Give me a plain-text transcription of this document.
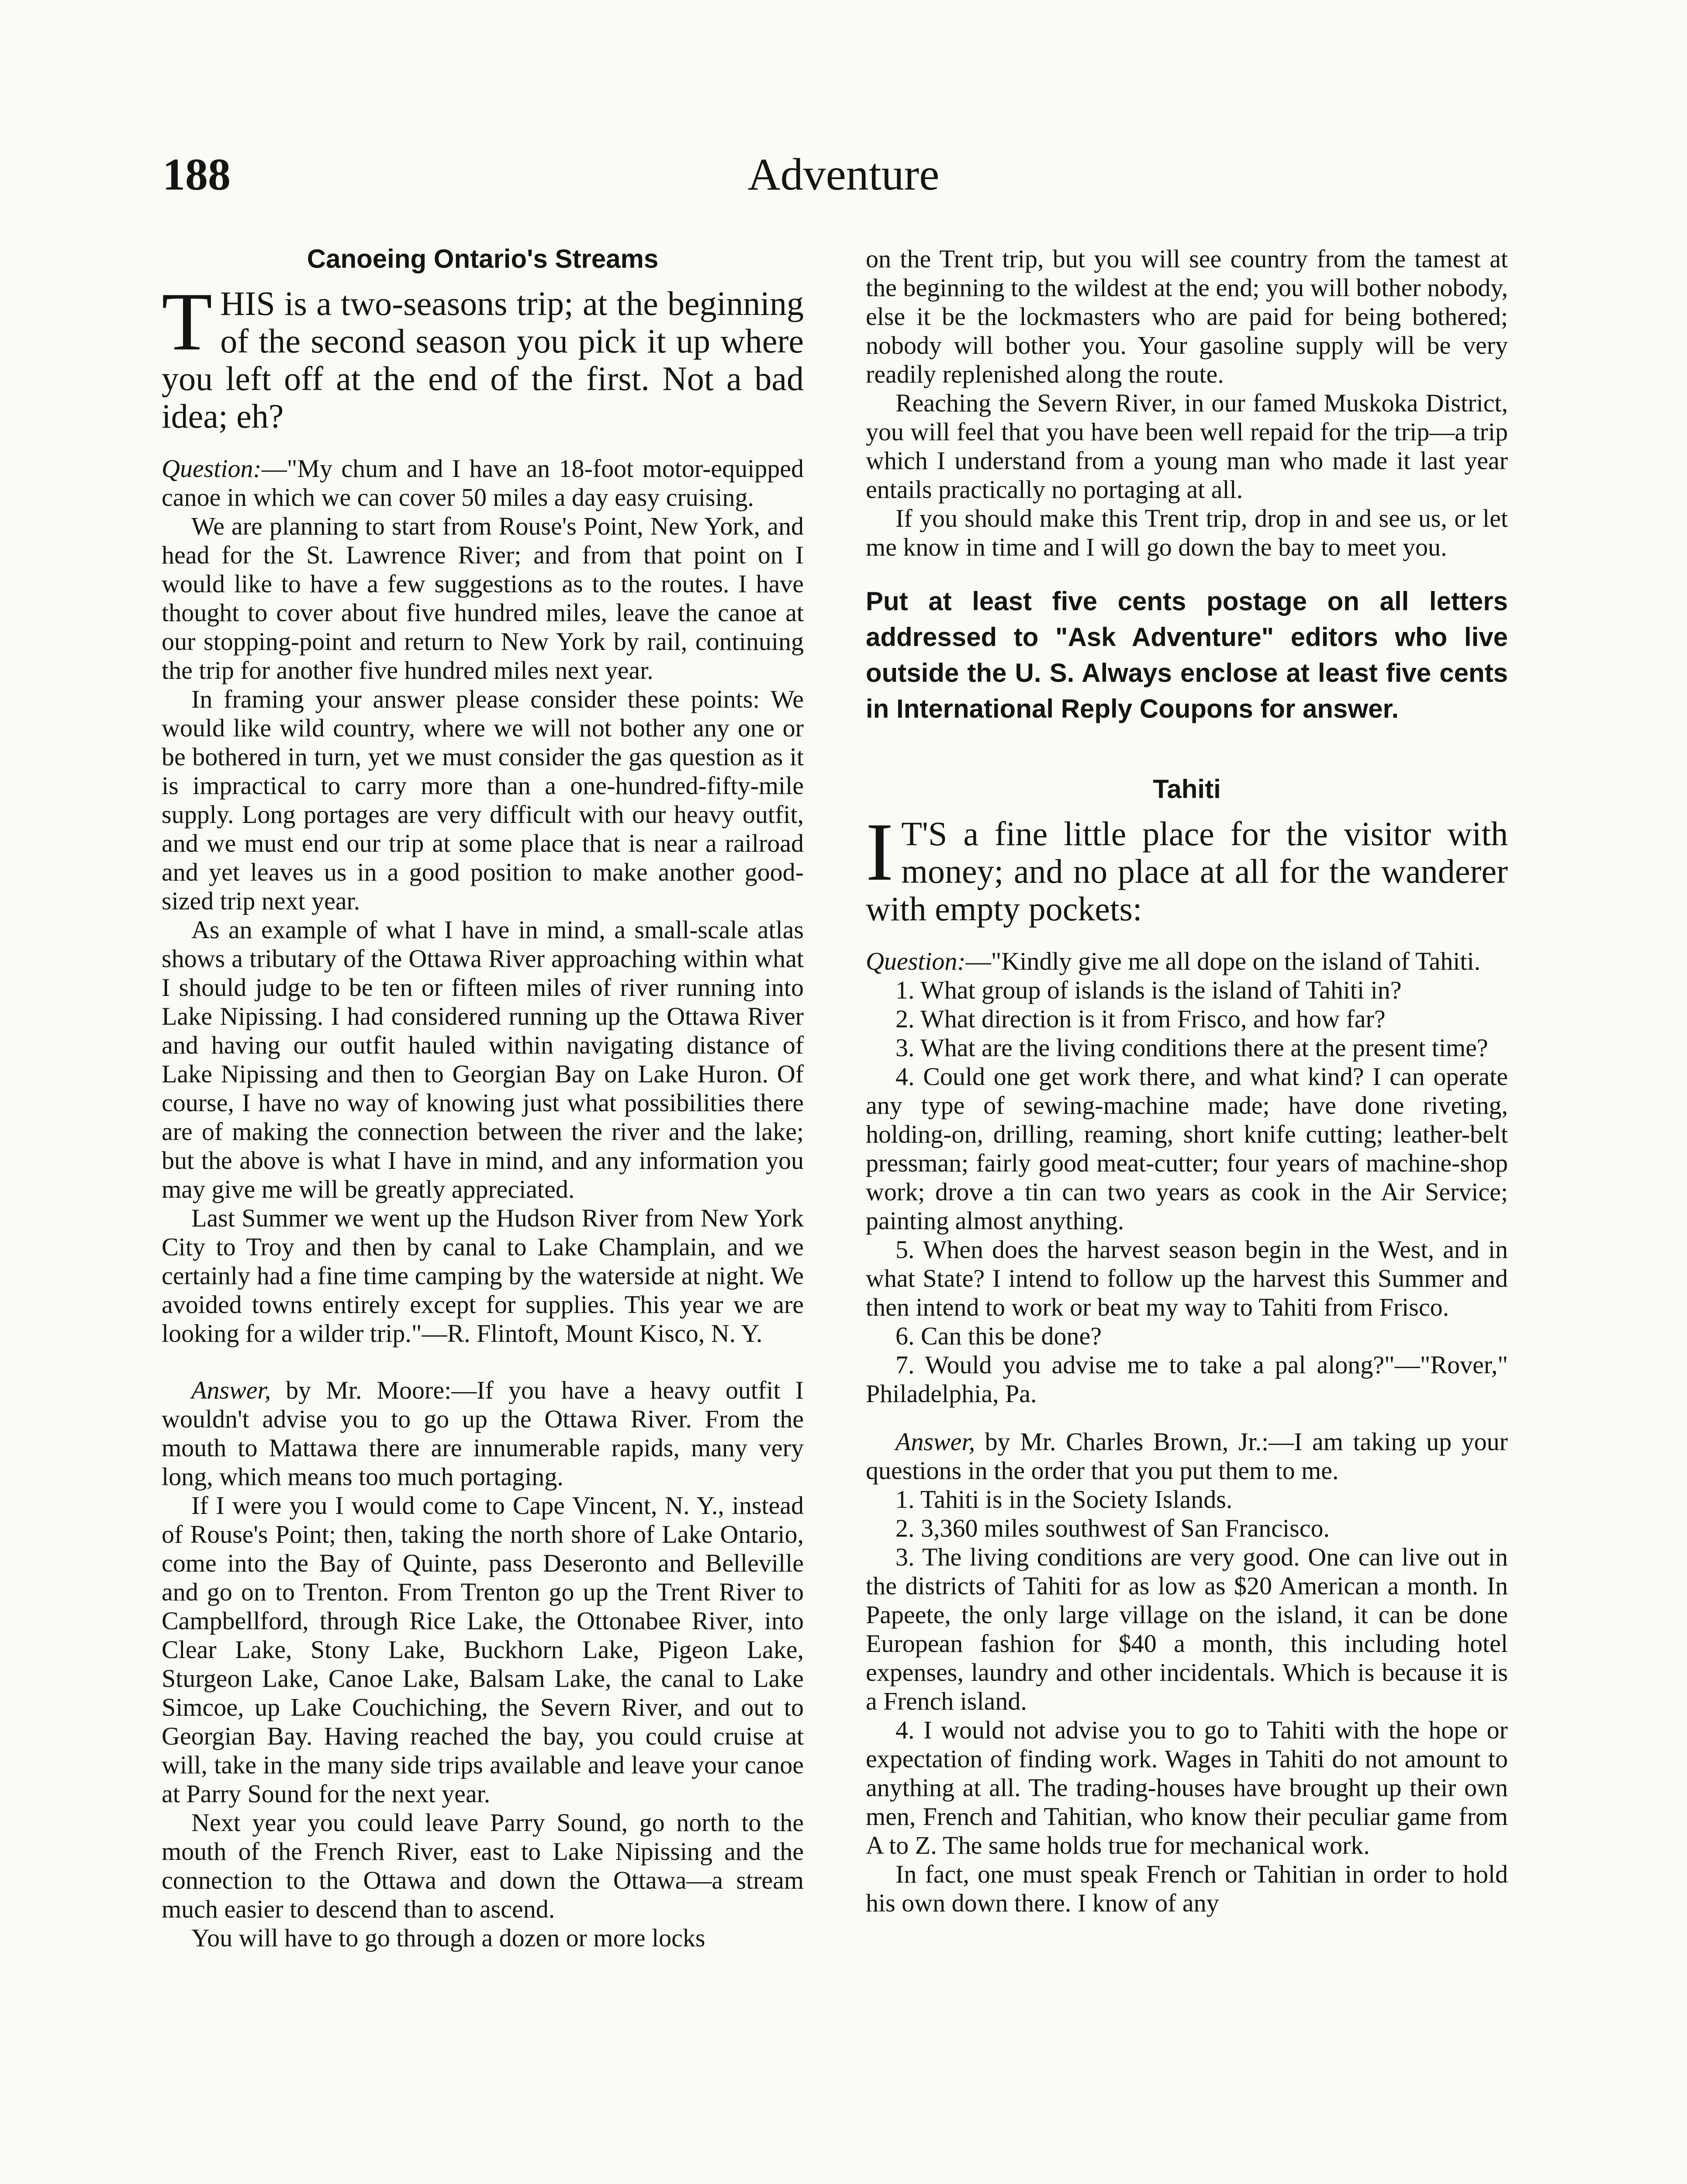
Adventure
188
Canoeing Ontario's Streams

THIS is a two-seasons trip; at the beginning of the second season you pick it up where you left off at the end of the first. Not a bad idea; eh?

Question:—"My chum and I have an 18-foot motor-equipped canoe in which we can cover 50 miles a day easy cruising.

We are planning to start from Rouse's Point, New York, and head for the St. Lawrence River; and from that point on I would like to have a few suggestions as to the routes. I have thought to cover about five hundred miles, leave the canoe at our stopping-point and return to New York by rail, continuing the trip for another five hundred miles next year.

In framing your answer please consider these points: We would like wild country, where we will not bother any one or be bothered in turn, yet we must consider the gas question as it is impractical to carry more than a one-hundred-fifty-mile supply. Long portages are very difficult with our heavy outfit, and we must end our trip at some place that is near a railroad and yet leaves us in a good position to make another good-sized trip next year.

As an example of what I have in mind, a small-scale atlas shows a tributary of the Ottawa River approaching within what I should judge to be ten or fifteen miles of river running into Lake Nipissing. I had considered running up the Ottawa River and having our outfit hauled within navigating distance of Lake Nipissing and then to Georgian Bay on Lake Huron. Of course, I have no way of knowing just what possibilities there are of making the connection between the river and the lake; but the above is what I have in mind, and any information you may give me will be greatly appreciated.

Last Summer we went up the Hudson River from New York City to Troy and then by canal to Lake Champlain, and we certainly had a fine time camping by the waterside at night. We avoided towns entirely except for supplies. This year we are looking for a wilder trip."—R. Flintoft, Mount Kisco, N. Y.

Answer, by Mr. Moore:—If you have a heavy outfit I wouldn't advise you to go up the Ottawa River. From the mouth to Mattawa there are innumerable rapids, many very long, which means too much portaging.

If I were you I would come to Cape Vincent, N. Y., instead of Rouse's Point; then, taking the north shore of Lake Ontario, come into the Bay of Quinte, pass Deseronto and Belleville and go on to Trenton. From Trenton go up the Trent River to Campbellford, through Rice Lake, the Ottonabee River, into Clear Lake, Stony Lake, Buckhorn Lake, Pigeon Lake, Sturgeon Lake, Canoe Lake, Balsam Lake, the canal to Lake Simcoe, up Lake Couchiching, the Severn River, and out to Georgian Bay. Having reached the bay, you could cruise at will, take in the many side trips available and leave your canoe at Parry Sound for the next year.

Next year you could leave Parry Sound, go north to the mouth of the French River, east to Lake Nipissing and the connection to the Ottawa and down the Ottawa—a stream much easier to descend than to ascend.

You will have to go through a dozen or more locks

on the Trent trip, but you will see country from the tamest at the beginning to the wildest at the end; you will bother nobody, else it be the lockmasters who are paid for being bothered; nobody will bother you. Your gasoline supply will be very readily replenished along the route.

Reaching the Severn River, in our famed Muskoka District, you will feel that you have been well repaid for the trip—a trip which I understand from a young man who made it last year entails practically no portaging at all.

If you should make this Trent trip, drop in and see us, or let me know in time and I will go down the bay to meet you.

Put at least five cents postage on all letters addressed to "Ask Adventure" editors who live outside the U. S. Always enclose at least five cents in International Reply Coupons for answer.

Tahiti

I T'S a fine little place for the visitor with money; and no place at all for the wanderer with empty pockets:

Question:—"Kindly give me all dope on the island of Tahiti.

1. What group of islands is the island of Tahiti in?

2. What direction is it from Frisco, and how far?

3. What are the living conditions there at the present time?

4. Could one get work there, and what kind? I can operate any type of sewing-machine made; have done riveting, holding-on, drilling, reaming, short knife cutting; leather-belt pressman; fairly good meat-cutter; four years of machine-shop work; drove a tin can two years as cook in the Air Service; painting almost anything.

5. When does the harvest season begin in the West, and in what State? I intend to follow up the harvest this Summer and then intend to work or beat my way to Tahiti from Frisco.

6. Can this be done?

7. Would you advise me to take a pal along?"—"Rover," Philadelphia, Pa.

Answer, by Mr. Charles Brown, Jr.:—I am taking up your questions in the order that you put them to me.

1. Tahiti is in the Society Islands.

2. 3,360 miles southwest of San Francisco.

3. The living conditions are very good. One can live out in the districts of Tahiti for as low as $20 American a month. In Papeete, the only large village on the island, it can be done European fashion for $40 a month, this including hotel expenses, laundry and other incidentals. Which is because it is a French island.

4. I would not advise you to go to Tahiti with the hope or expectation of finding work. Wages in Tahiti do not amount to anything at all. The trading-houses have brought up their own men, French and Tahitian, who know their peculiar game from A to Z. The same holds true for mechanical work.

In fact, one must speak French or Tahitian in order to hold his own down there. I know of any
